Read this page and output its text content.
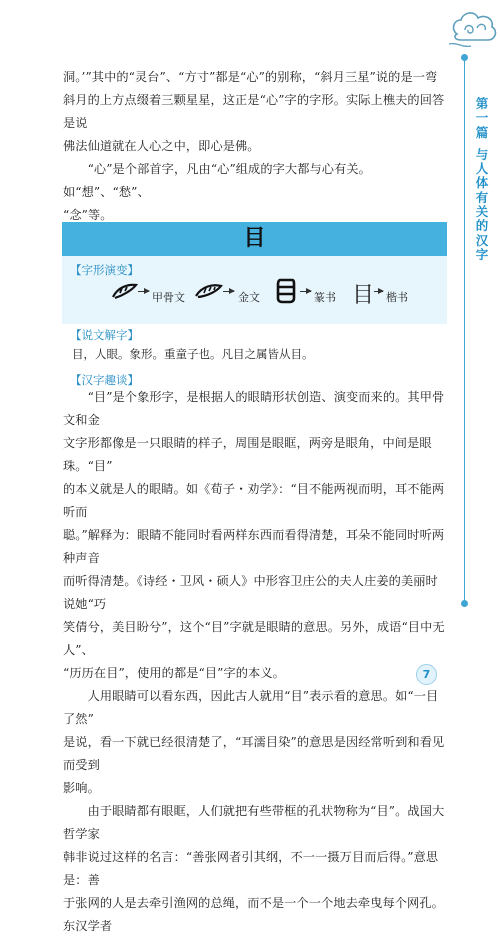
第
一
篇
与
人
体
有
关
的
汉
字
洞。’”其中的“灵台”、“方寸”都是“心”的别称，“斜月三星”说的是一弯
斜月的上方点缀着三颗星星，这正是“心”字的字形。实际上樵夫的回答是说
佛法仙道就在人心之中，即心是佛。
　　“心”是个部首字，凡由“心”组成的字大都与心有关。如“想”、“愁”、
“念”等。
目
【字形演变】
甲骨文	金文	篆书 目 楷书
【说文解字】
目，人眼。象形。重童子也。凡目之属皆从目。
【汉字趣谈】
　　“目”是个象形字，是根据人的眼睛形状创造、演变而来的。其甲骨文和金
文字形都像是一只眼睛的样子，周围是眼眶，两旁是眼角，中间是眼珠。“目”
的本义就是人的眼睛。如《荀子・劝学》：“目不能两视而明，耳不能两听而
聪。”解释为：眼睛不能同时看两样东西而看得清楚，耳朵不能同时听两种声音
而听得清楚。《诗经・卫风・硕人》中形容卫庄公的夫人庄姜的美丽时说她“巧
笑倩兮，美目盼兮”，这个“目”字就是眼睛的意思。另外，成语“目中无人”、
“历历在目”，使用的都是“目”字的本义。
　　人用眼睛可以看东西，因此古人就用“目”表示看的意思。如“一目了然”
是说，看一下就已经很清楚了，“耳濡目染”的意思是因经常听到和看见而受到
影响。
　　由于眼睛都有眼眶，人们就把有些带框的孔状物称为“目”。战国大哲学家
韩非说过这样的名言：“善张网者引其纲，不一一摄万目而后得。”意思是：善
于张网的人是去牵引渔网的总绳，而不是一个一个地去牵曳每个网孔。东汉学者
7
